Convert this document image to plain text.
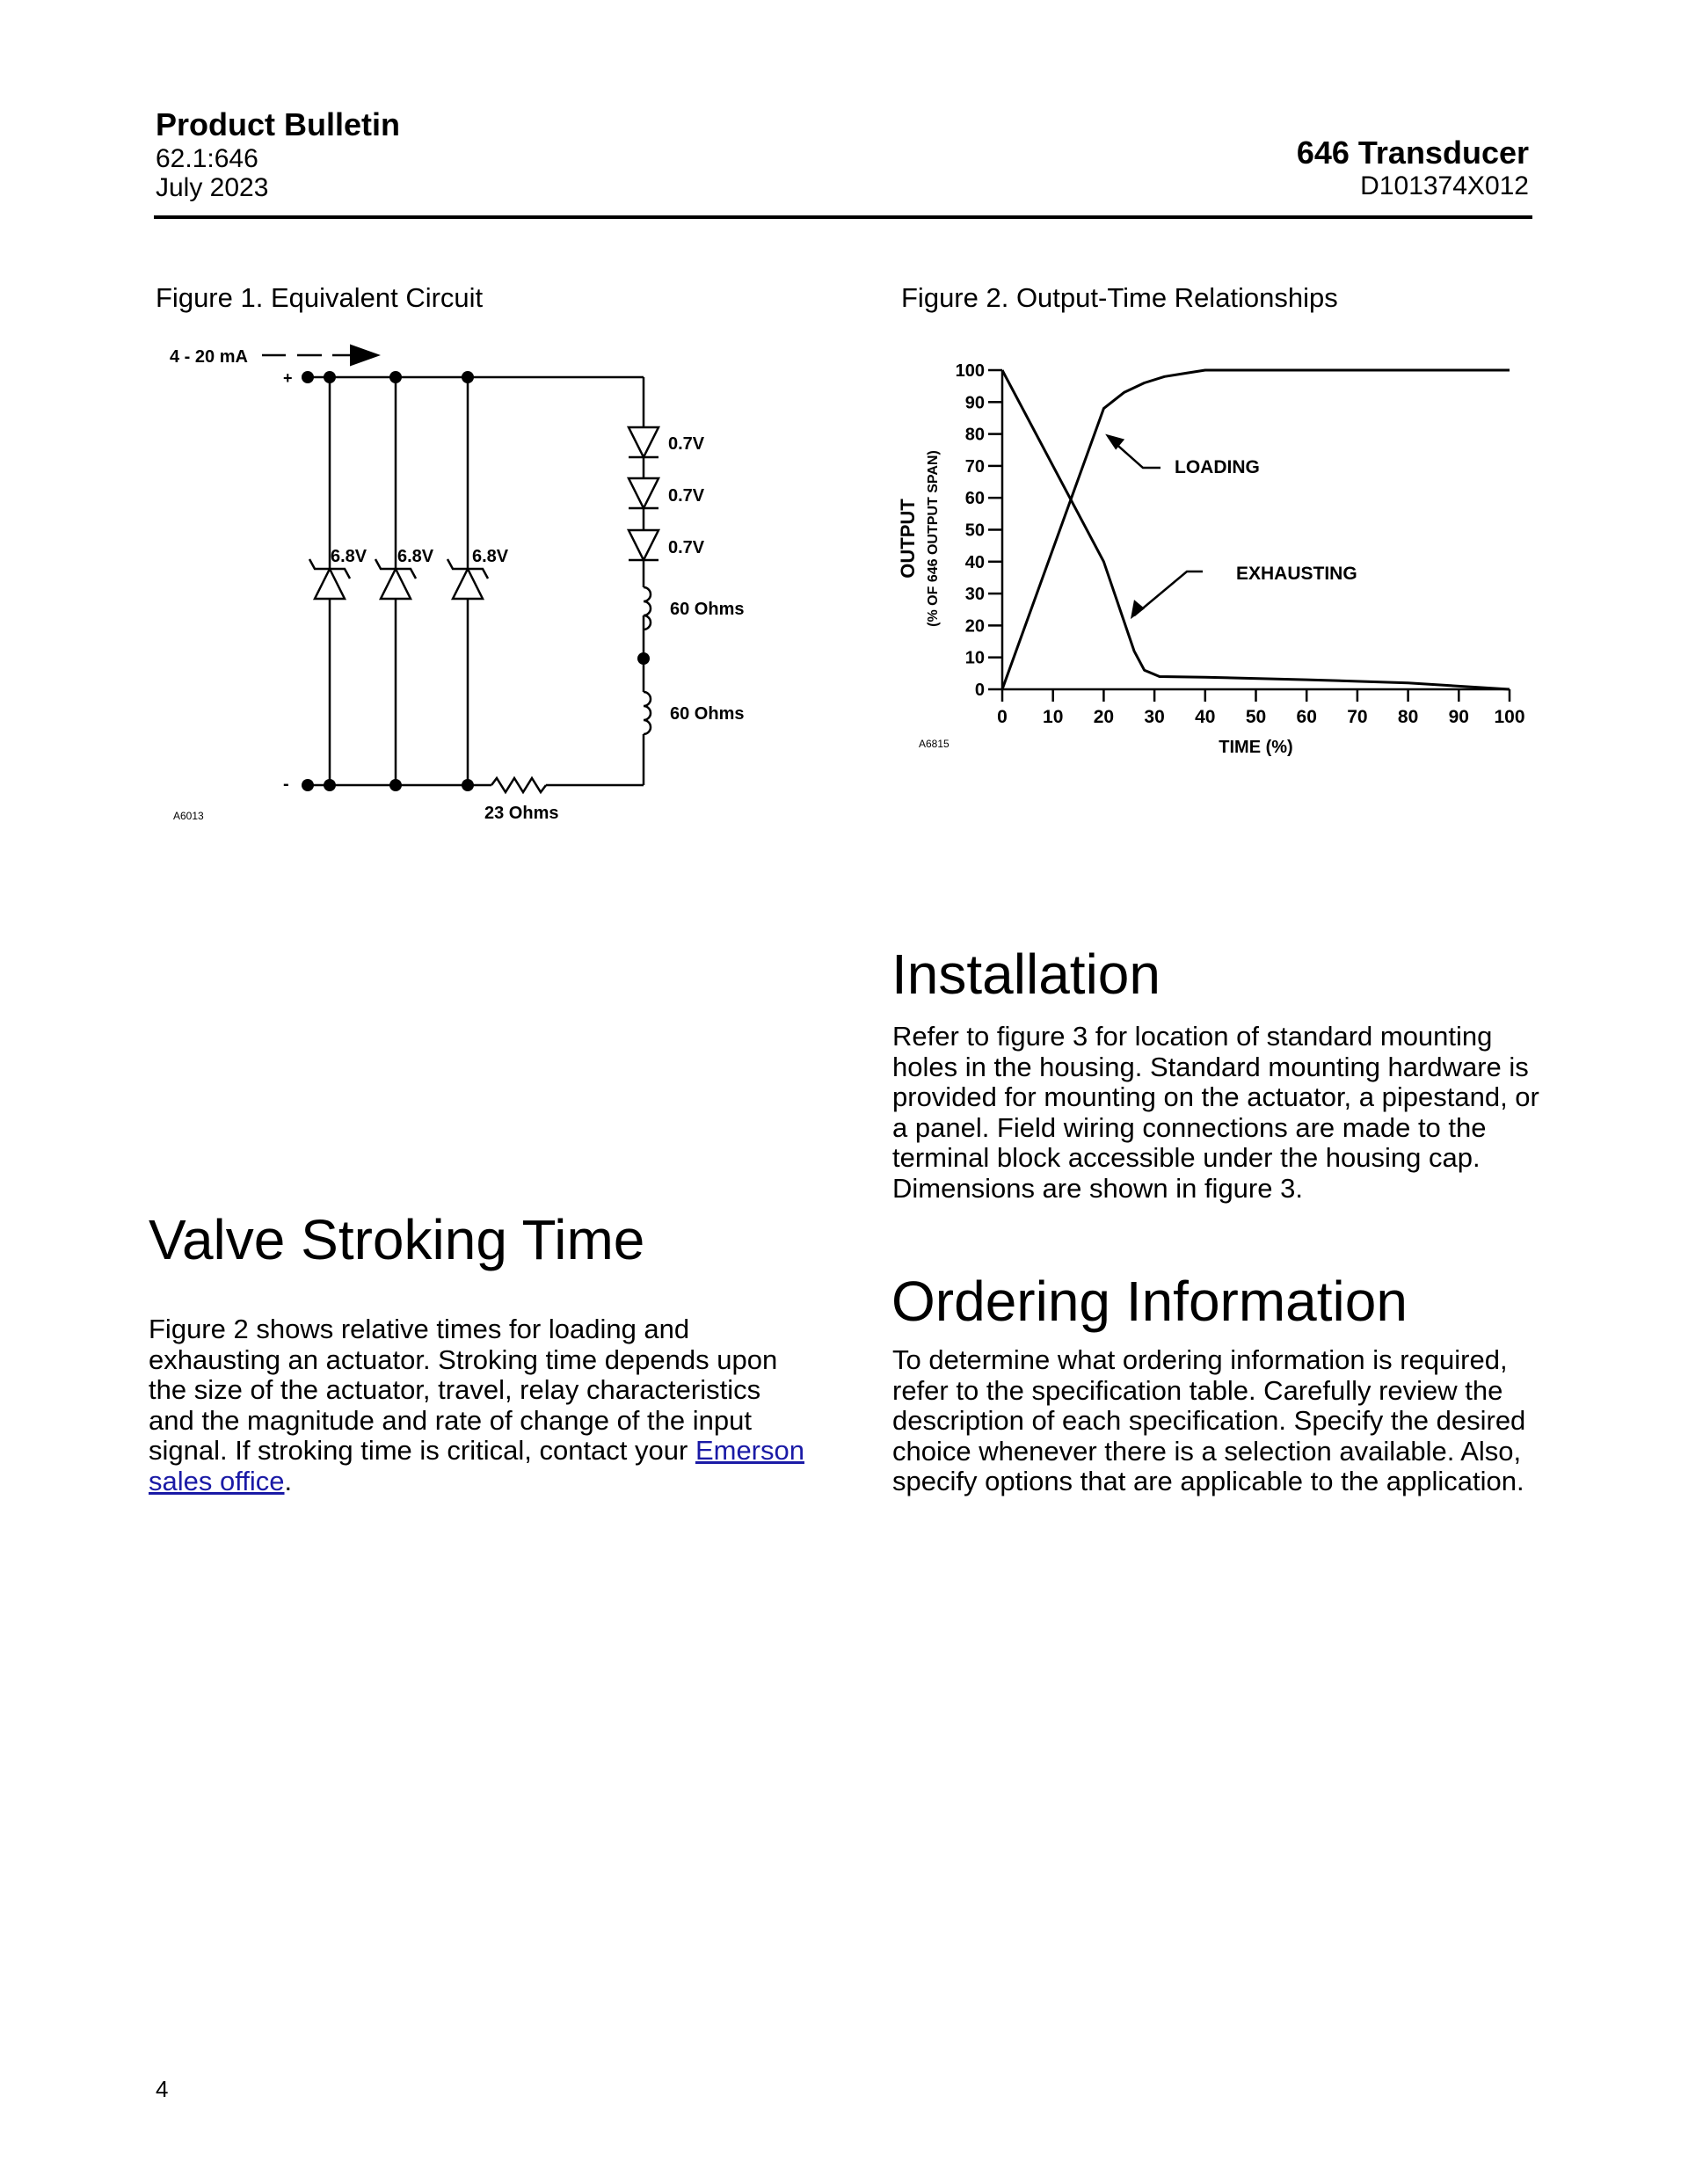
Product Bulletin
62.1:646
July 2023
646 Transducer
D101374X012
Figure 1. Equivalent Circuit
4 - 20 mA
+
-
6.8V 6.8V 6.8V
0.7V
0.7V
0.7V
60 Ohms
60 Ohms
23 Ohms
A6013
Figure 2. Output-Time Relationships
0
10
20
30
40
50
60
70
80
90
100
0 10 20 30 40 50 60 70 80 90 100
TIME (%)
OUTPUT (% OF 646 OUTPUT SPAN)	LOADING
EXHAUSTING
A6815
Installation
Refer to figure 3 for location of standard mounting
holes in the housing. Standard mounting hardware is
provided for mounting on the actuator, a pipestand, or
a panel. Field wiring connections are made to the
terminal block accessible under the housing cap.
Dimensions are shown in figure 3.
Valve Stroking Time
Figure 2 shows relative times for loading and
exhausting an actuator. Stroking time depends upon
the size of the actuator, travel, relay characteristics
and the magnitude and rate of change of the input
signal. If stroking time is critical, contact your Emerson
sales office.
Ordering Information
To determine what ordering information is required,
refer to the specification table. Carefully review the
description of each specification. Specify the desired
choice whenever there is a selection available. Also,
specify options that are applicable to the application.
4
